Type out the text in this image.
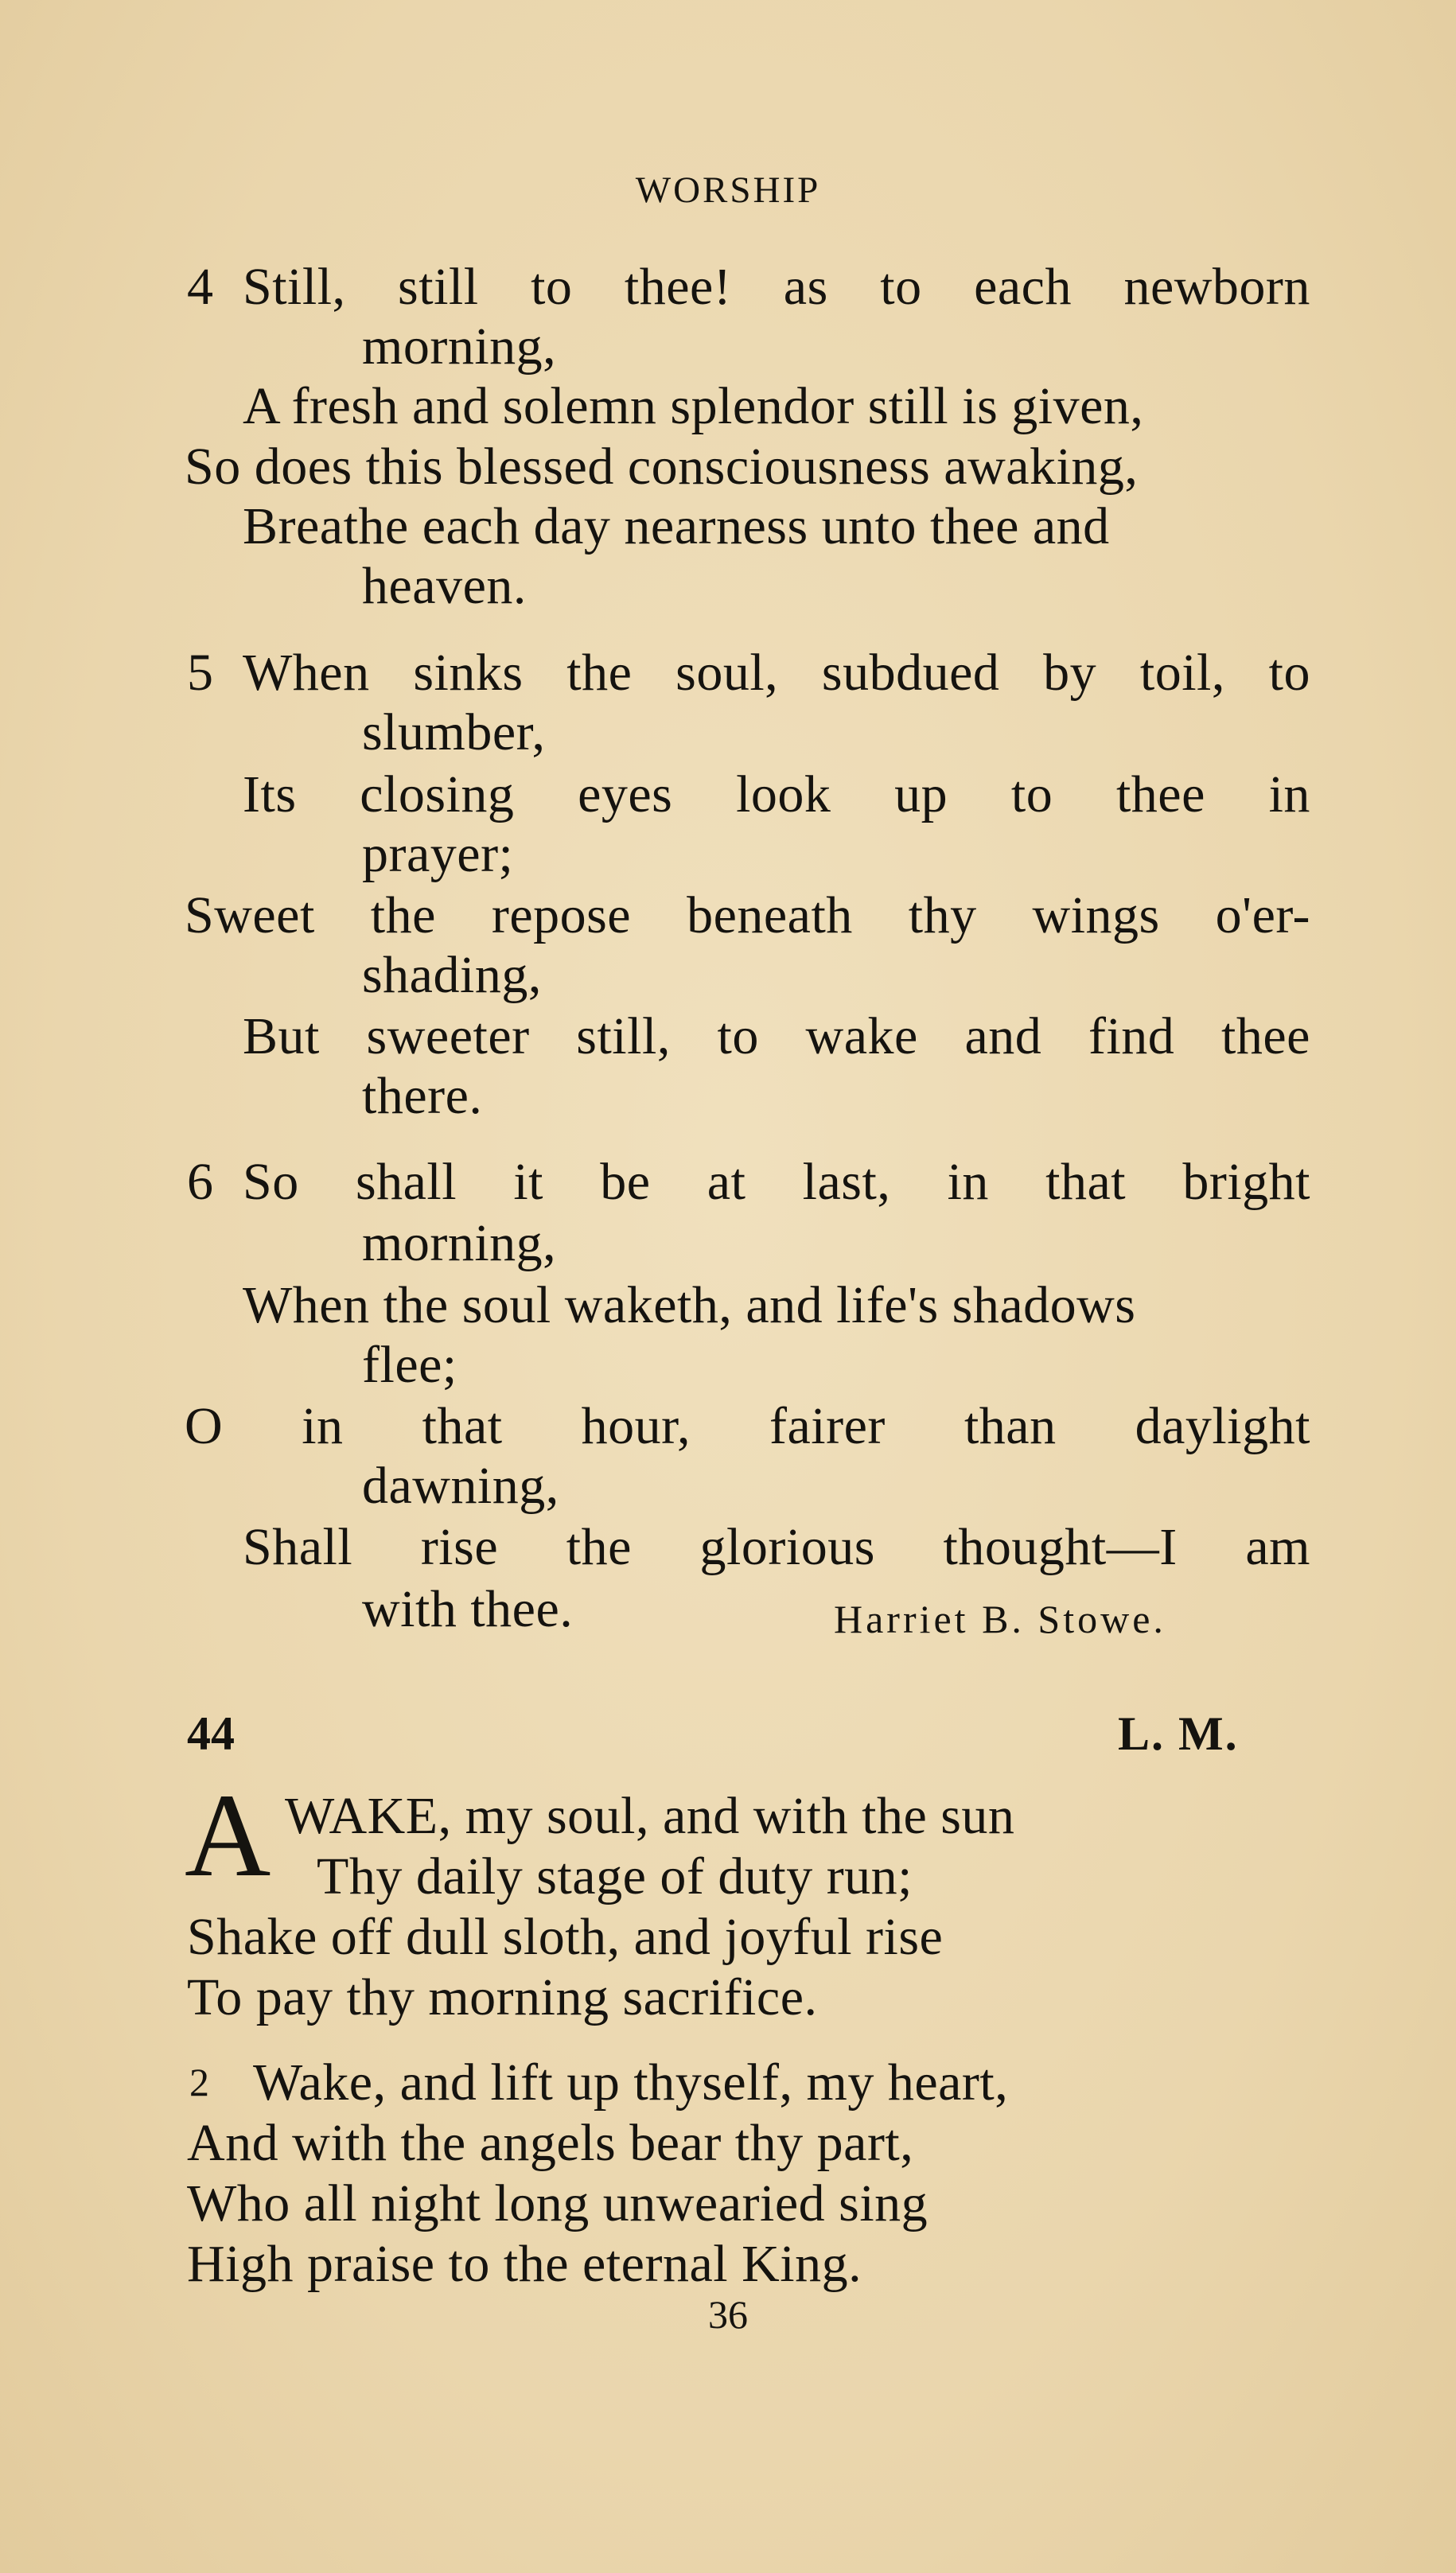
WORSHIP
4 Still, still to thee! as to each newborn
morning,
A fresh and solemn splendor still is given,
So does this blessed consciousness awaking,
Breathe each day nearness unto thee and
heaven.
5 When sinks the soul, subdued by toil, to
slumber,
Its closing eyes look up to thee in
prayer;
Sweet the repose beneath thy wings o'er-
shading,
But sweeter still, to wake and find thee
there.
6 So shall it be at last, in that bright
morning,
When the soul waketh, and life's shadows
flee;
O in that hour, fairer than daylight
dawning,
Shall rise the glorious thought—I am
with thee.	Harriet B. Stowe.
44	L. M.
A WAKE, my soul, and with the sun
Thy daily stage of duty run;
Shake off dull sloth, and joyful rise
To pay thy morning sacrifice.
2 Wake, and lift up thyself, my heart,
And with the angels bear thy part,
Who all night long unwearied sing
High praise to the eternal King.
36
